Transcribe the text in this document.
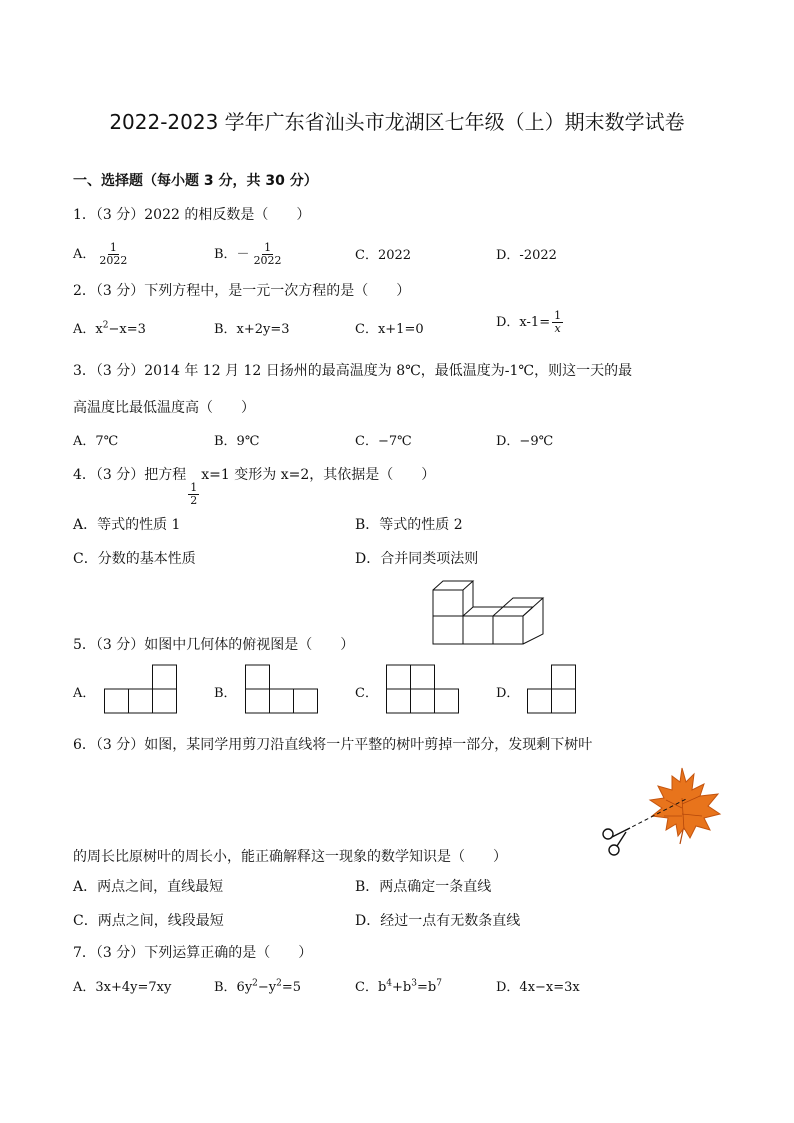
2022-2023 学年广东省汕头市龙湖区七年级（上）期末数学试卷
一、选择题（每小题 3 分，共 30 分）
1．（3 分）2022 的相反数是（　　）
A． $\frac{1}{2022}$	B．－ $\frac{1}{2022}$	C．2022	D．-2022
2．（3 分）下列方程中，是一元一次方程的是（　　）
A．$x^2-x=3$	B．x+2y=3	C．x+1=0	D．$x-1= \frac{1}{x}$
3．（3 分）2014 年 12 月 12 日扬州的最高温度为 8℃，最低温度为-1℃，则这一天的最
高温度比最低温度高（　　）
A．7℃	B．9℃	C．−7℃	D．−9℃
4．（3 分）把方程
$\frac{1}{2}$
x=1 变形为 x=2，其依据是（　　）
A．等式的性质 1	B．等式的性质 2
C．分数的基本性质	D．合并同类项法则
5．（3 分）如图中几何体的俯视图是（　　）
A．	B．	C．	D．
6．（3 分）如图，某同学用剪刀沿直线将一片平整的树叶剪掉一部分，发现剩下树叶
的周长比原树叶的周长小，能正确解释这一现象的数学知识是（　　）
A．两点之间，直线最短	B．两点确定一条直线
C．两点之间，线段最短	D．经过一点有无数条直线
7．（3 分）下列运算正确的是（　　）
A．3x+4y=7xy	B．$6y^2-y^2=5$	C．$b^4+b^3=b^7$	D．4x−x=3x
